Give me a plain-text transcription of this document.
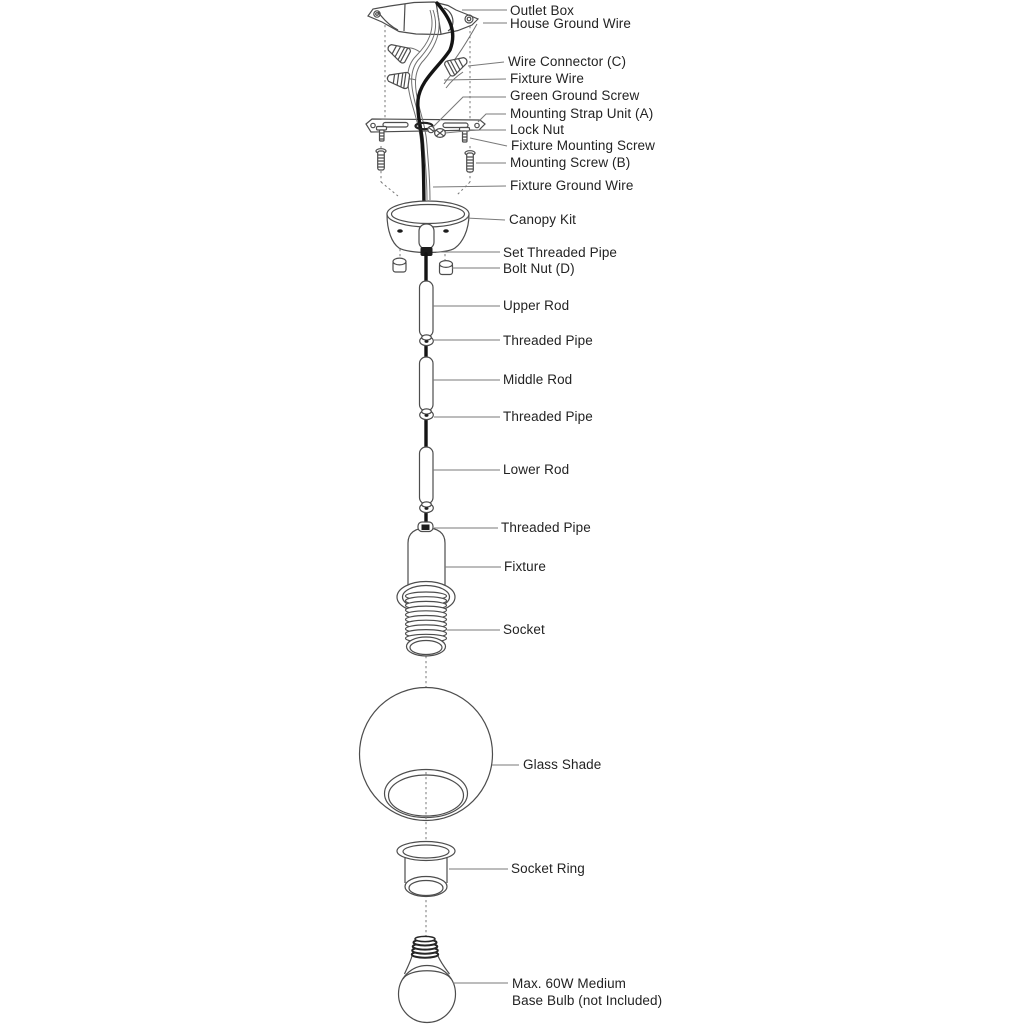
Outlet Box
House Ground Wire
Wire Connector (C)
Fixture Wire
Green Ground Screw
Mounting Strap Unit (A)
Lock Nut
Fixture Mounting Screw
Mounting Screw (B)
Fixture Ground Wire
Canopy Kit
Set Threaded Pipe
Bolt Nut (D)
Upper Rod
Threaded Pipe
Middle Rod
Threaded Pipe
Lower Rod
Threaded Pipe
Fixture
Socket
Glass Shade
Socket Ring
Max. 60W Medium
Base Bulb (not Included)
